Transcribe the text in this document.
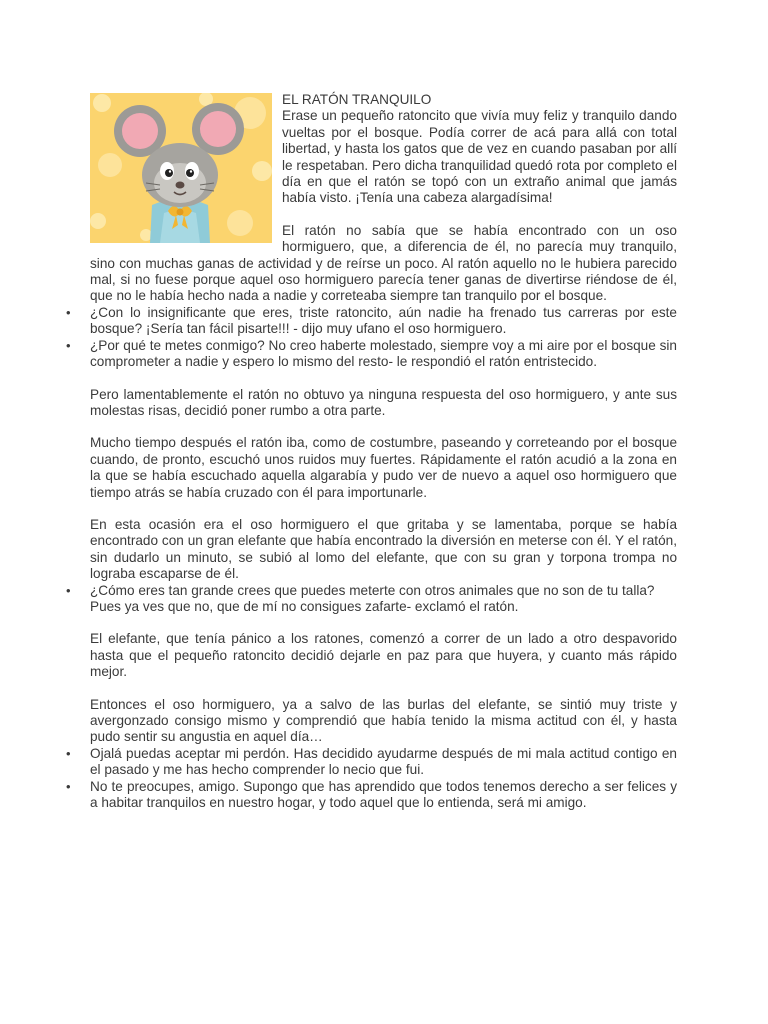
EL RATÓN TRANQUILO

Erase un pequeño ratoncito que vivía muy feliz y tranquilo dando vueltas por el bosque. Podía correr de acá para allá con total libertad, y hasta los gatos que de vez en cuando pasaban por allí le respetaban. Pero dicha tranquilidad quedó rota por completo el día en que el ratón se topó con un extraño animal que jamás había visto. ¡Tenía una cabeza alargadísima!

El ratón no sabía que se había encontrado con un oso hormiguero, que, a diferencia de él, no parecía muy tranquilo, sino con muchas ganas de actividad y de reírse un poco. Al ratón aquello no le hubiera parecido mal, si no fuese porque aquel oso hormiguero parecía tener ganas de divertirse riéndose de él, que no le había hecho nada a nadie y correteaba siempre tan tranquilo por el bosque.

• ¿Con lo insignificante que eres, triste ratoncito, aún nadie ha frenado tus carreras por este bosque? ¡Sería tan fácil pisarte!!! - dijo muy ufano el oso hormiguero.
• ¿Por qué te metes conmigo? No creo haberte molestado, siempre voy a mi aire por el bosque sin comprometer a nadie y espero lo mismo del resto- le respondió el ratón entristecido.

Pero lamentablemente el ratón no obtuvo ya ninguna respuesta del oso hormiguero, y ante sus molestas risas, decidió poner rumbo a otra parte.

Mucho tiempo después el ratón iba, como de costumbre, paseando y correteando por el bosque cuando, de pronto, escuchó unos ruidos muy fuertes. Rápidamente el ratón acudió a la zona en la que se había escuchado aquella algarabía y pudo ver de nuevo a aquel oso hormiguero que tiempo atrás se había cruzado con él para importunarle.

En esta ocasión era el oso hormiguero el que gritaba y se lamentaba, porque se había encontrado con un gran elefante que había encontrado la diversión en meterse con él. Y el ratón, sin dudarlo un minuto, se subió al lomo del elefante, que con su gran y torpona trompa no lograba escaparse de él.

• ¿Cómo eres tan grande crees que puedes meterte con otros animales que no son de tu talla?
Pues ya ves que no, que de mí no consigues zafarte- exclamó el ratón.

El elefante, que tenía pánico a los ratones, comenzó a correr de un lado a otro despavorido hasta que el pequeño ratoncito decidió dejarle en paz para que huyera, y cuanto más rápido mejor.

Entonces el oso hormiguero, ya a salvo de las burlas del elefante, se sintió muy triste y avergonzado consigo mismo y comprendió que había tenido la misma actitud con él, y hasta pudo sentir su angustia en aquel día…

• Ojalá puedas aceptar mi perdón. Has decidido ayudarme después de mi mala actitud contigo en el pasado y me has hecho comprender lo necio que fui.
• No te preocupes, amigo. Supongo que has aprendido que todos tenemos derecho a ser felices y a habitar tranquilos en nuestro hogar, y todo aquel que lo entienda, será mi amigo.
